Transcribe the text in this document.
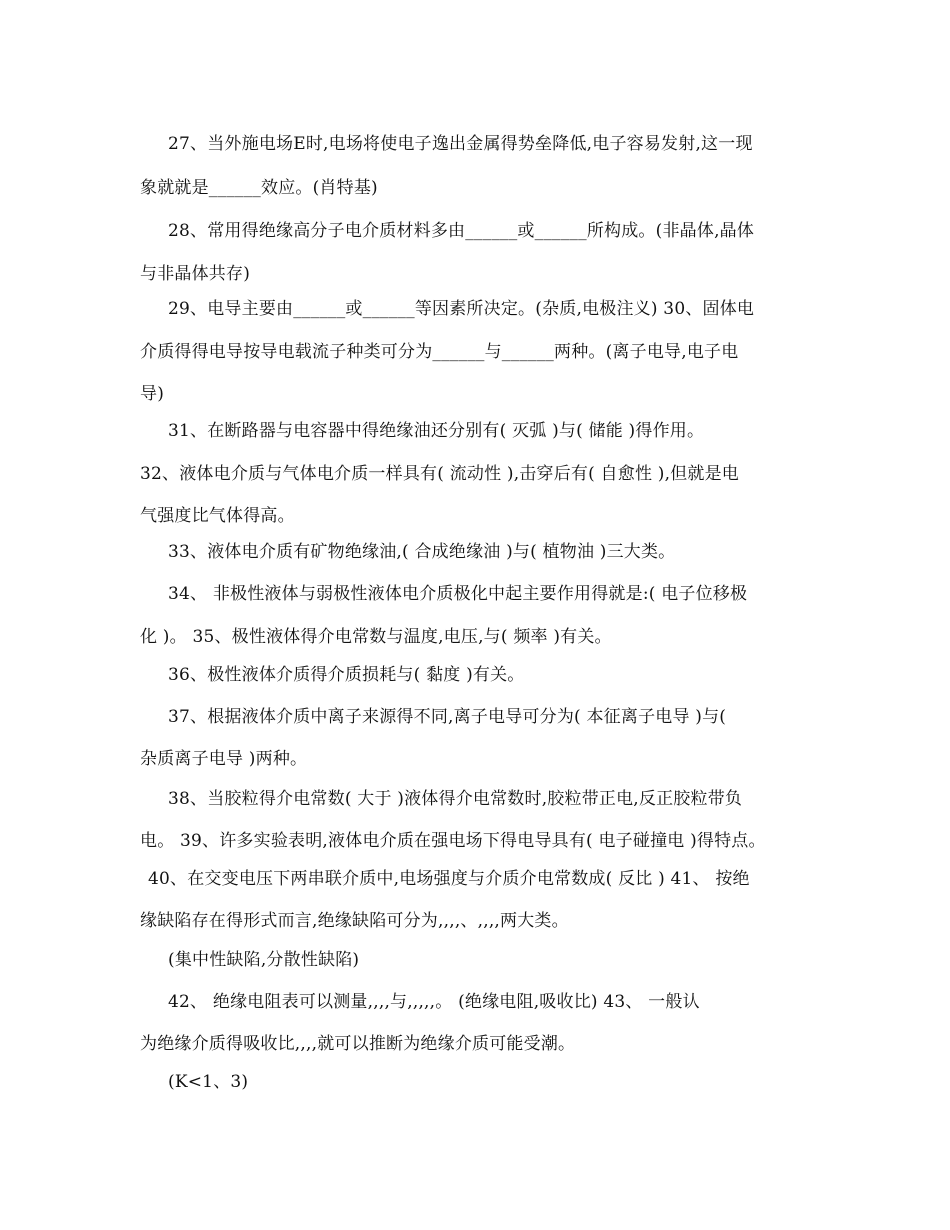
27、当外施电场E时,电场将使电子逸出金属得势垒降低,电子容易发射,这一现
象就就是______效应。(肖特基)
28、常用得绝缘高分子电介质材料多由______或______所构成。(非晶体,晶体
与非晶体共存)
29、电导主要由______或______等因素所决定。(杂质,电极注义) 30、固体电
介质得得电导按导电载流子种类可分为______与______两种。(离子电导,电子电
导)
31、在断路器与电容器中得绝缘油还分别有( 灭弧 )与( 储能 )得作用。
32、液体电介质与气体电介质一样具有( 流动性 ),击穿后有( 自愈性 ),但就是电
气强度比气体得高。
33、液体电介质有矿物绝缘油,( 合成绝缘油 )与( 植物油 )三大类。
34、 非极性液体与弱极性液体电介质极化中起主要作用得就是:( 电子位移极
化 )。 35、极性液体得介电常数与温度,电压,与( 频率 )有关。
36、极性液体介质得介质损耗与( 黏度 )有关。
37、根据液体介质中离子来源得不同,离子电导可分为( 本征离子电导 )与(
杂质离子电导 )两种。
38、当胶粒得介电常数( 大于 )液体得介电常数时,胶粒带正电,反正胶粒带负
电。 39、许多实验表明,液体电介质在强电场下得电导具有( 电子碰撞电 )得特点。
40、在交变电压下两串联介质中,电场强度与介质介电常数成( 反比 ) 41、 按绝
缘缺陷存在得形式而言,绝缘缺陷可分为,,,,、,,,,两大类。
(集中性缺陷,分散性缺陷)
42、 绝缘电阻表可以测量,,,,与,,,,,。 (绝缘电阻,吸收比) 43、 一般认
为绝缘介质得吸收比,,,,就可以推断为绝缘介质可能受潮。
(K<1、3)
